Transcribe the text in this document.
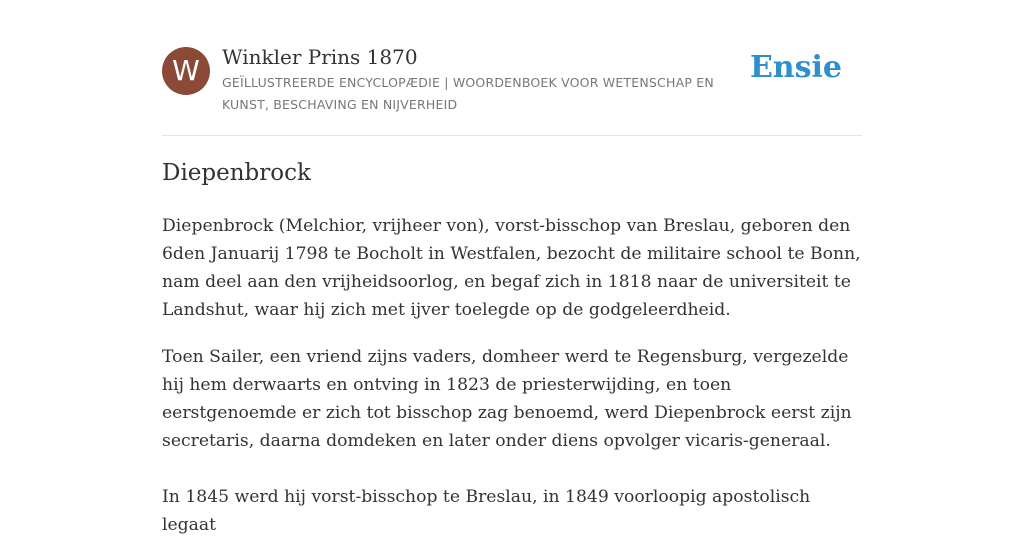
W	Winkler Prins 1870
GEÏLLUSTREERDE ENCYCLOPÆDIE | WOORDENBOEK VOOR WETENSCHAP EN KUNST, BESCHAVING EN NIJVERHEID
Ensie
Diepenbrock

Diepenbrock (Melchior, vrijheer von), vorst-bisschop van Breslau, geboren den 6den Januarij 1798 te Bocholt in Westfalen, bezocht de militaire school te Bonn, nam deel aan den vrijheidsoorlog, en begaf zich in 1818 naar de universiteit te Landshut, waar hij zich met ijver toelegde op de godgeleerdheid.

Toen Sailer, een vriend zijns vaders, domheer werd te Regensburg, vergezelde hij hem derwaarts en ontving in 1823 de priesterwijding, en toen eerstgenoemde er zich tot bisschop zag benoemd, werd Diepenbrock eerst zijn secretaris, daarna domdeken en later onder diens opvolger vicaris-generaal.

In 1845 werd hij vorst-bisschop te Breslau, in 1849 voorloopig apostolisch legaat
